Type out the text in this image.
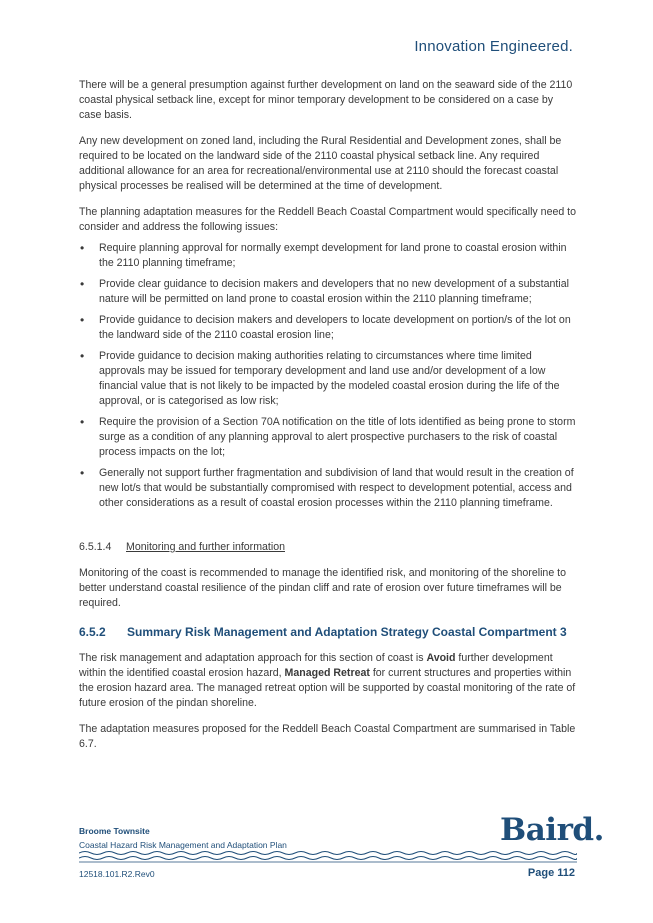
Innovation Engineered.

There will be a general presumption against further development on land on the seaward side of the 2110 coastal physical setback line, except for minor temporary development to be considered on a case by case basis.

Any new development on zoned land, including the Rural Residential and Development zones, shall be required to be located on the landward side of the 2110 coastal physical setback line. Any required additional allowance for an area for recreational/environmental use at 2110 should the forecast coastal physical processes be realised will be determined at the time of development.

The planning adaptation measures for the Reddell Beach Coastal Compartment would specifically need to consider and address the following issues:

• Require planning approval for normally exempt development for land prone to coastal erosion within the 2110 planning timeframe;
• Provide clear guidance to decision makers and developers that no new development of a substantial nature will be permitted on land prone to coastal erosion within the 2110 planning timeframe;
• Provide guidance to decision makers and developers to locate development on portion/s of the lot on the landward side of the 2110 coastal erosion line;
• Provide guidance to decision making authorities relating to circumstances where time limited approvals may be issued for temporary development and land use and/or development of a low financial value that is not likely to be impacted by the modeled coastal erosion during the life of the approval, or is categorised as low risk;
• Require the provision of a Section 70A notification on the title of lots identified as being prone to storm surge as a condition of any planning approval to alert prospective purchasers to the risk of coastal process impacts on the lot;
• Generally not support further fragmentation and subdivision of land that would result in the creation of new lot/s that would be substantially compromised with respect to development potential, access and other considerations as a result of coastal erosion processes within the 2110 planning timeframe.
6.5.1.4 Monitoring and further information

Monitoring of the coast is recommended to manage the identified risk, and monitoring of the shoreline to better understand coastal resilience of the pindan cliff and rate of erosion over future timeframes will be required.

6.5.2 Summary Risk Management and Adaptation Strategy Coastal Compartment 3

The risk management and adaptation approach for this section of coast is Avoid further development within the identified coastal erosion hazard, Managed Retreat for current structures and properties within the erosion hazard area. The managed retreat option will be supported by coastal monitoring of the rate of future erosion of the pindan shoreline.

The adaptation measures proposed for the Reddell Beach Coastal Compartment are summarised in Table 6.7.

Broome Townsite
Coastal Hazard Risk Management and Adaptation Plan	Baird.
12518.101.R2.Rev0	Page 112
